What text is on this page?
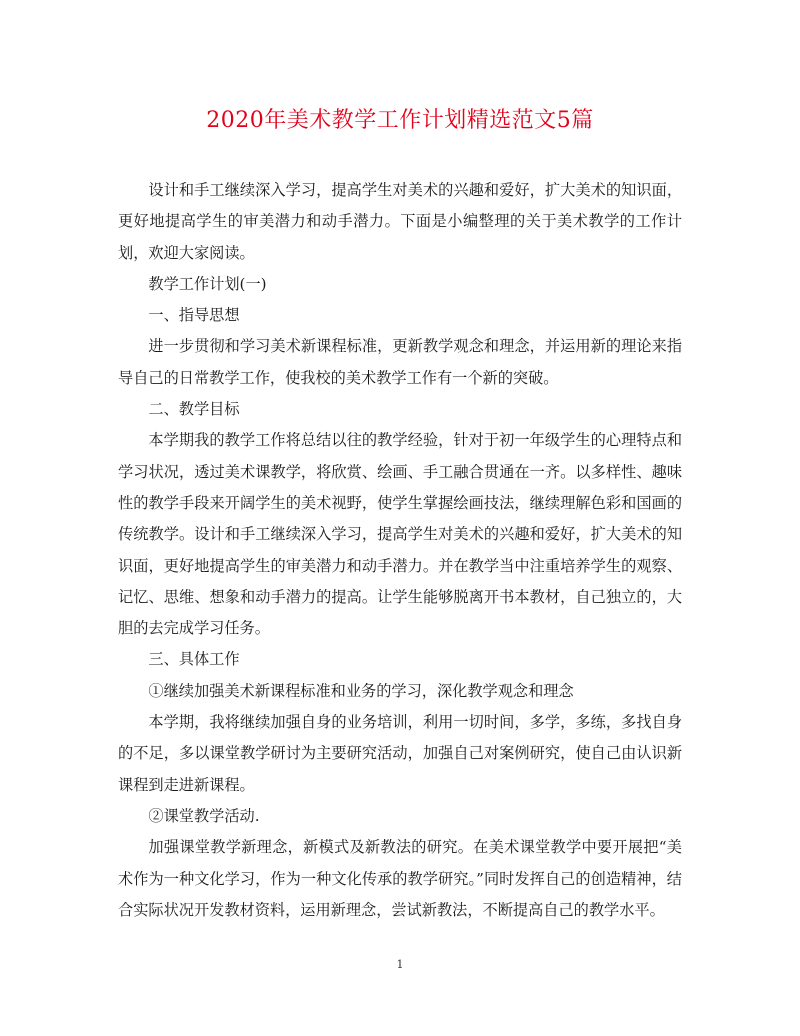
2020年美术教学工作计划精选范文5篇

设计和手工继续深入学习，提高学生对美术的兴趣和爱好，扩大美术的知识面，更好地提高学生的审美潜力和动手潜力。下面是小编整理的关于美术教学的工作计划，欢迎大家阅读。

教学工作计划(一)

一、指导思想

进一步贯彻和学习美术新课程标准，更新教学观念和理念，并运用新的理论来指导自己的日常教学工作，使我校的美术教学工作有一个新的突破。

二、教学目标

本学期我的教学工作将总结以往的教学经验，针对于初一年级学生的心理特点和学习状况，透过美术课教学，将欣赏、绘画、手工融合贯通在一齐。以多样性、趣味性的教学手段来开阔学生的美术视野，使学生掌握绘画技法，继续理解色彩和国画的传统教学。设计和手工继续深入学习，提高学生对美术的兴趣和爱好，扩大美术的知识面，更好地提高学生的审美潜力和动手潜力。并在教学当中注重培养学生的观察、记忆、思维、想象和动手潜力的提高。让学生能够脱离开书本教材，自己独立的，大胆的去完成学习任务。

三、具体工作

①继续加强美术新课程标准和业务的学习，深化教学观念和理念

本学期，我将继续加强自身的业务培训，利用一切时间，多学，多练，多找自身的不足，多以课堂教学研讨为主要研究活动，加强自己对案例研究，使自己由认识新课程到走进新课程。

②课堂教学活动.

加强课堂教学新理念，新模式及新教法的研究。在美术课堂教学中要开展把“美术作为一种文化学习，作为一种文化传承的教学研究。”同时发挥自己的创造精神，结合实际状况开发教材资料，运用新理念，尝试新教法，不断提高自己的教学水平。

1
